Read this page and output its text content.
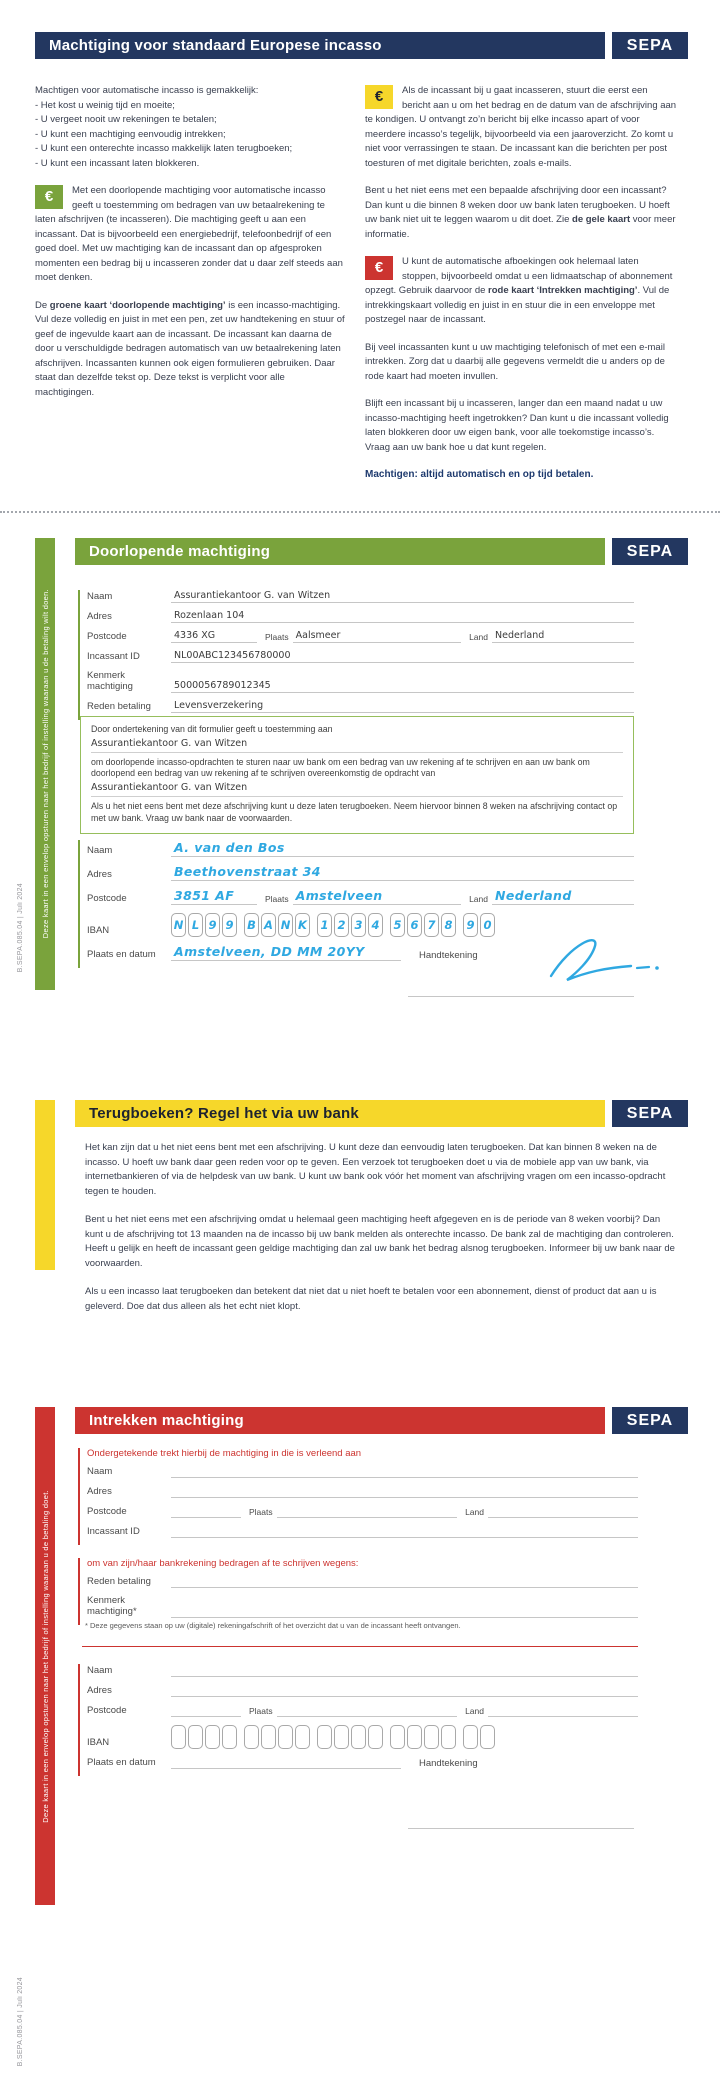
Machtiging voor standaard Europese incasso	SEPA

Machtigen voor automatische incasso is gemakkelijk:

- Het kost u weinig tijd en moeite;
- U vergeet nooit uw rekeningen te betalen;
- U kunt een machtiging eenvoudig intrekken;
- U kunt een onterechte incasso makkelijk laten terugboeken;
- U kunt een incassant laten blokkeren.

€ Met een doorlopende machtiging voor automatische incasso geeft u toestemming om bedragen van uw betaalrekening te laten afschrijven (te incasseren). Die machtiging geeft u aan een incassant. Dat is bijvoorbeeld een energiebedrijf, telefoonbedrijf of een goed doel. Met uw machtiging kan de incassant dan op afgesproken momenten een bedrag bij u incasseren zonder dat u daar zelf steeds aan moet denken.

De groene kaart ‘doorlopende machtiging’ is een incasso-machtiging. Vul deze volledig en juist in met een pen, zet uw handtekening en stuur of geef de ingevulde kaart aan de incassant. De incassant kan daarna de door u verschuldigde bedragen automatisch van uw betaalrekening laten afschrijven. Incassanten kunnen ook eigen formulieren gebruiken. Daar staat dan dezelfde tekst op. Deze tekst is verplicht voor alle machtigingen.

€ Als de incassant bij u gaat incasseren, stuurt die eerst een bericht aan u om het bedrag en de datum van de afschrijving aan te kondigen. U ontvangt zo’n bericht bij elke incasso apart of voor meerdere incasso’s tegelijk, bijvoorbeeld via een jaaroverzicht. Zo komt u niet voor verrassingen te staan. De incassant kan die berichten per post toesturen of met digitale berichten, zoals e-mails.

Bent u het niet eens met een bepaalde afschrijving door een incassant? Dan kunt u die binnen 8 weken door uw bank laten terugboeken. U hoeft uw bank niet uit te leggen waarom u dit doet. Zie de gele kaart voor meer informatie.

€ U kunt de automatische afboekingen ook helemaal laten stoppen, bijvoorbeeld omdat u een lidmaatschap of abonnement opzegt. Gebruik daarvoor de rode kaart ‘Intrekken machtiging’. Vul de intrekkingskaart volledig en juist in en stuur die in een enveloppe met postzegel naar de incassant.

Bij veel incassanten kunt u uw machtiging telefonisch of met een e-mail intrekken. Zorg dat u daarbij alle gegevens vermeldt die u anders op de rode kaart had moeten invullen.

Blijft een incassant bij u incasseren, langer dan een maand nadat u uw incasso-machtiging heeft ingetrokken? Dan kunt u die incassant volledig laten blokkeren door uw eigen bank, voor alle toekomstige incasso’s. Vraag aan uw bank hoe u dat kunt regelen.

Machtigen: altijd automatisch en op tijd betalen.

Deze kaart in een envelop opsturen naar het bedrijf of instelling waaraan u de betaling wilt doen.
Doorlopende machtiging	SEPA
Naam	Assurantiekantoor G. van Witzen
Adres	Rozenlaan 104
Postcode	4336 XG	Plaats Aalsmeer	Land Nederland
Incassant ID	NL00ABC123456780000
Kenmerk machtiging	5000056789012345
Reden betaling	Levensverzekering
Door ondertekening van dit formulier geeft u toestemming aan
Assurantiekantoor G. van Witzen
om doorlopende incasso-opdrachten te sturen naar uw bank om een bedrag van uw rekening af te schrijven en aan uw bank om doorlopend een bedrag van uw rekening af te schrijven overeenkomstig de opdracht van
Assurantiekantoor G. van Witzen
Als u het niet eens bent met deze afschrijving kunt u deze laten terugboeken. Neem hiervoor binnen 8 weken na afschrijving contact op met uw bank. Vraag uw bank naar de voorwaarden.
Naam	A. van den Bos
Adres	Beethovenstraat 34
Postcode	3851 AF	Plaats Amstelveen	Land Nederland
IBAN	N L 9 9 B A N K 1 2 3 4 5 6 7 8 9 0
Plaats en datum	Amstelveen, DD MM 20YY	Handtekening
B.SEPA.085.04 | Juli 2024
Terugboeken? Regel het via uw bank	SEPA

Het kan zijn dat u het niet eens bent met een afschrijving. U kunt deze dan eenvoudig laten terugboeken. Dat kan binnen 8 weken na de incasso. U hoeft uw bank daar geen reden voor op te geven. Een verzoek tot terugboeken doet u via de mobiele app van uw bank, via internetbankieren of via de helpdesk van uw bank. U kunt uw bank ook vóór het moment van afschrijving vragen om een incasso-opdracht tegen te houden.

Bent u het niet eens met een afschrijving omdat u helemaal geen machtiging heeft afgegeven en is de periode van 8 weken voorbij? Dan kunt u de afschrijving tot 13 maanden na de incasso bij uw bank melden als onterechte incasso. De bank zal de machtiging dan controleren. Heeft u gelijk en heeft de incassant geen geldige machtiging dan zal uw bank het bedrag alsnog terugboeken. Informeer bij uw bank naar de voorwaarden.

Als u een incasso laat terugboeken dan betekent dat niet dat u niet hoeft te betalen voor een abonnement, dienst of product dat aan u is geleverd. Doe dat dus alleen als het echt niet klopt.

Deze kaart in een envelop opsturen naar het bedrijf of instelling waaraan u de betaling doet.
Intrekken machtiging	SEPA
Ondergetekende trekt hierbij de machtiging in die is verleend aan
Naam
Adres
Postcode	Plaats	Land
Incassant ID
om van zijn/haar bankrekening bedragen af te schrijven wegens:
Reden betaling
Kenmerk machtiging*
* Deze gegevens staan op uw (digitale) rekeningafschrift of het overzicht dat u van de incassant heeft ontvangen.
Naam
Adres
Postcode	Plaats	Land
IBAN
Plaats en datum	Handtekening
B.SEPA.085.04 | Juli 2024
